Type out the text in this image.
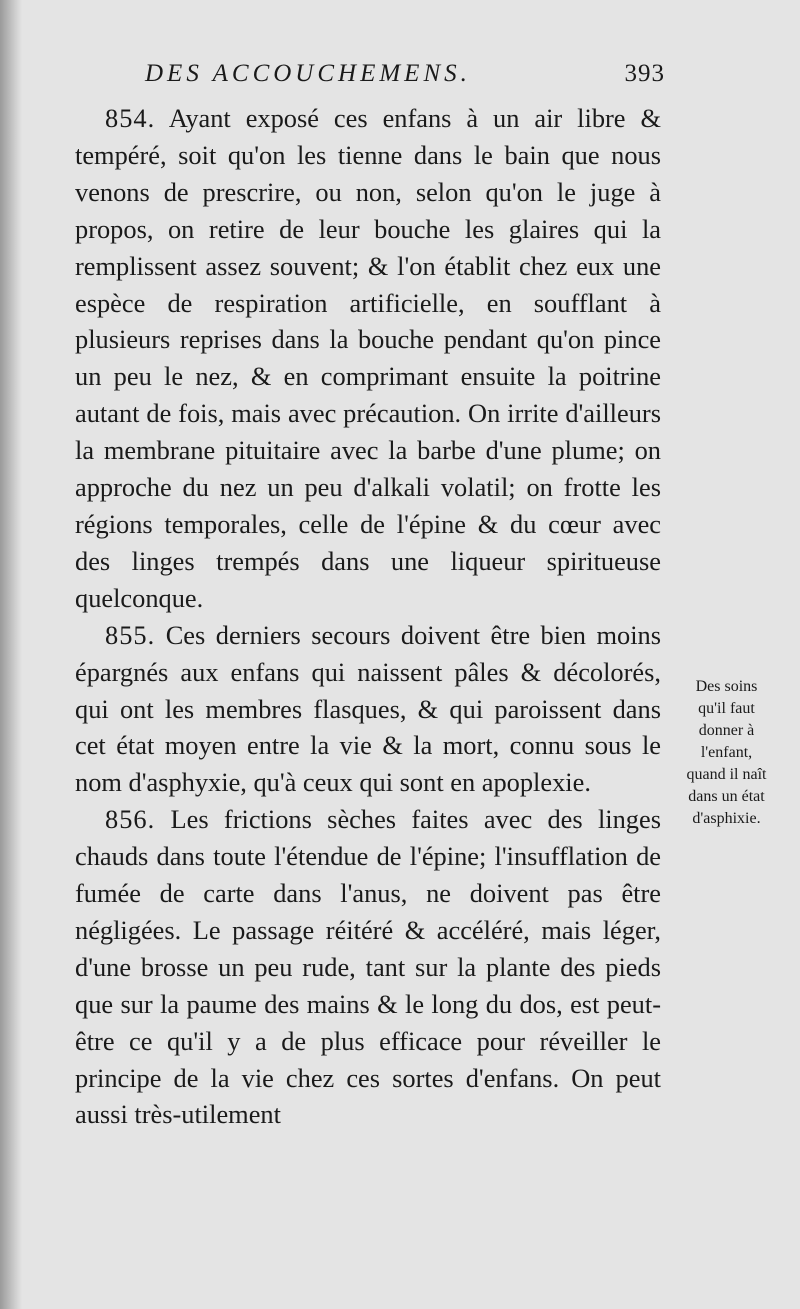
DES ACCOUCHEMENS.	393

854. Ayant exposé ces enfans à un air libre & tempéré, soit qu'on les tienne dans le bain que nous venons de prescrire, ou non, selon qu'on le juge à propos, on retire de leur bouche les glaires qui la remplissent assez souvent; & l'on établit chez eux une espèce de respiration artificielle, en soufflant à plusieurs reprises dans la bouche pendant qu'on pince un peu le nez, & en comprimant ensuite la poitrine autant de fois, mais avec précaution. On irrite d'ailleurs la membrane pituitaire avec la barbe d'une plume; on approche du nez un peu d'alkali volatil; on frotte les régions temporales, celle de l'épine & du cœur avec des linges trempés dans une liqueur spiritueuse quelconque.

855. Ces derniers secours doivent être bien moins épargnés aux enfans qui naissent pâles & décolorés, qui ont les membres flasques, & qui paroissent dans cet état moyen entre la vie & la mort, connu sous le nom d'asphyxie, qu'à ceux qui sont en apoplexie.

856. Les frictions sèches faites avec des linges chauds dans toute l'étendue de l'épine; l'insufflation de fumée de carte dans l'anus, ne doivent pas être négligées. Le passage réitéré & accéléré, mais léger, d'une brosse un peu rude, tant sur la plante des pieds que sur la paume des mains & le long du dos, est peut-être ce qu'il y a de plus efficace pour réveiller le principe de la vie chez ces sortes d'enfans. On peut aussi très-utilement

Des soins
qu'il faut
donner à
l'enfant,
quand il naît
dans un état
d'asphixie.
